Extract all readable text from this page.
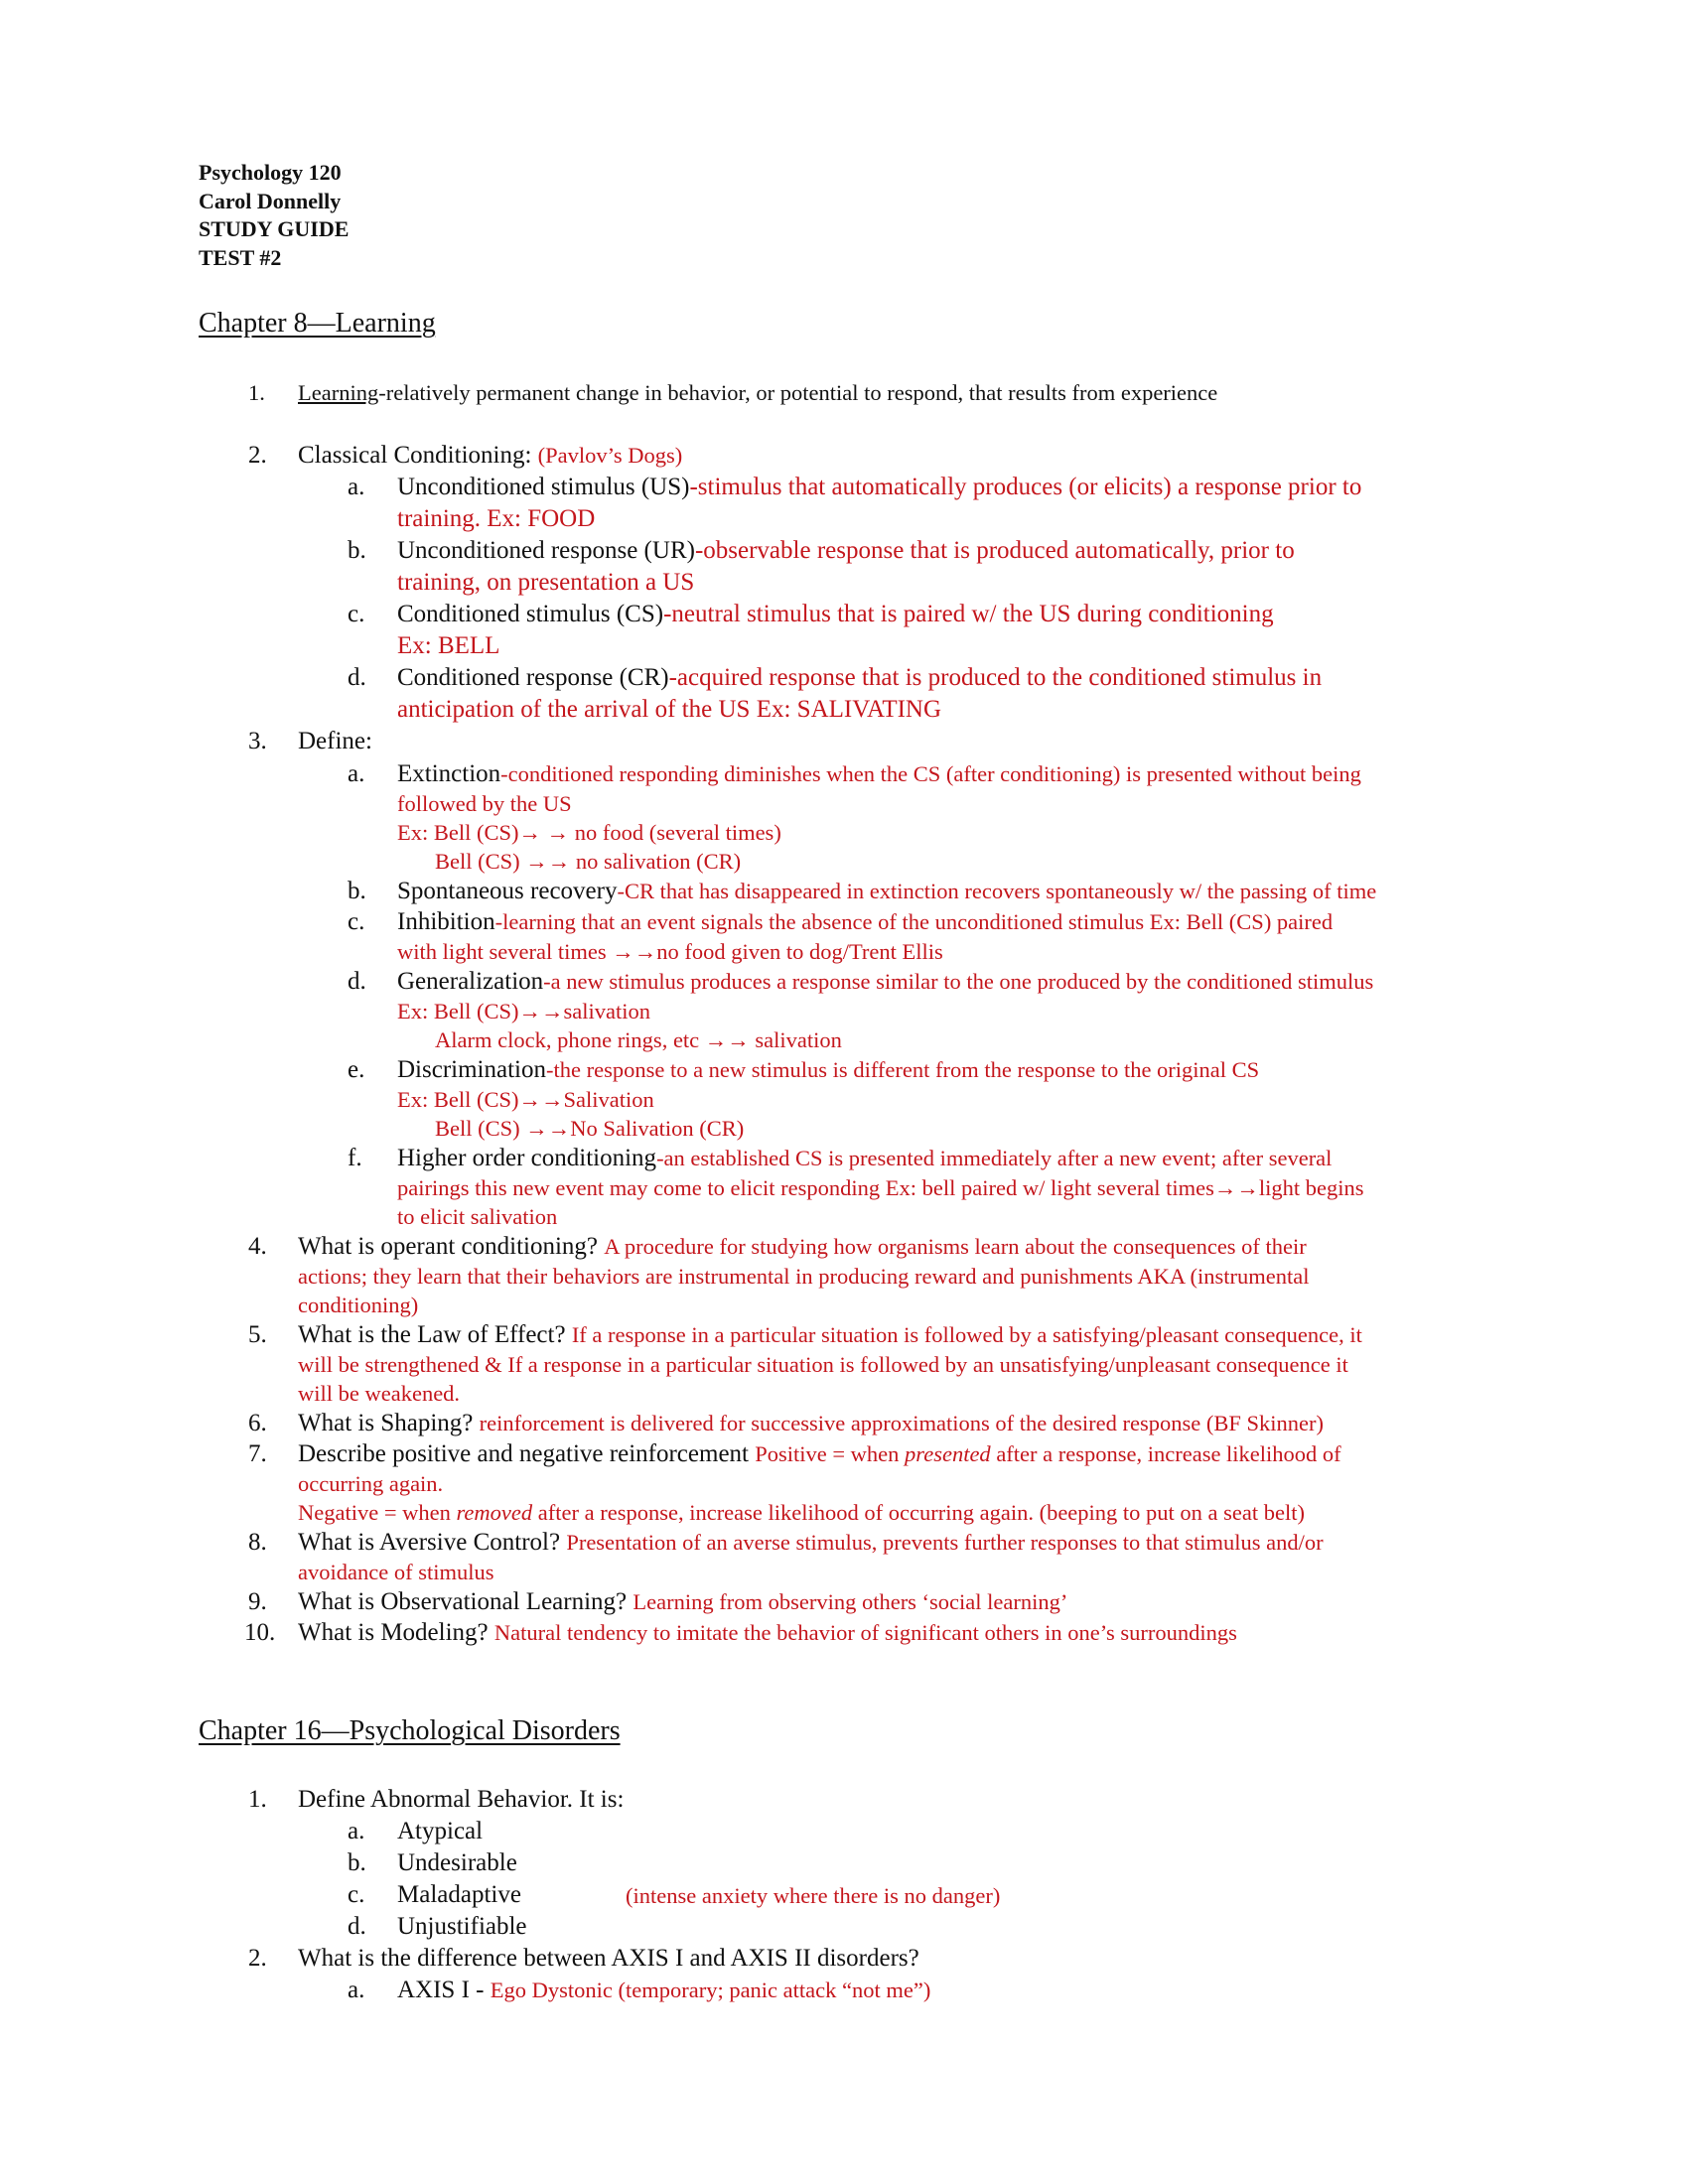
Psychology 120
Carol Donnelly
STUDY GUIDE
TEST #2
Chapter 8—Learning
1. Learning-relatively permanent change in behavior, or potential to respond, that results from experience
2. Classical Conditioning: (Pavlov’s Dogs)
a. Unconditioned stimulus (US)-stimulus that automatically produces (or elicits) a response prior to
training. Ex: FOOD
b. Unconditioned response (UR)-observable response that is produced automatically, prior to
training, on presentation a US
c. Conditioned stimulus (CS)-neutral stimulus that is paired w/ the US during conditioning
Ex: BELL
d. Conditioned response (CR)-acquired response that is produced to the conditioned stimulus in
anticipation of the arrival of the US Ex: SALIVATING
3. Define:
a. Extinction-conditioned responding diminishes when the CS (after conditioning) is presented without being
followed by the US
Ex: Bell (CS)→ → no food (several times)
Bell (CS) →→ no salivation (CR)
b. Spontaneous recovery-CR that has disappeared in extinction recovers spontaneously w/ the passing of time
c. Inhibition-learning that an event signals the absence of the unconditioned stimulus Ex: Bell (CS) paired
with light several times →→no food given to dog/Trent Ellis
d. Generalization-a new stimulus produces a response similar to the one produced by the conditioned stimulus
Ex: Bell (CS)→→salivation
Alarm clock, phone rings, etc →→ salivation
e. Discrimination-the response to a new stimulus is different from the response to the original CS
Ex: Bell (CS)→→Salivation
Bell (CS) →→No Salivation (CR)
f. Higher order conditioning-an established CS is presented immediately after a new event; after several
pairings this new event may come to elicit responding Ex: bell paired w/ light several times→→light begins
to elicit salivation
4. What is operant conditioning? A procedure for studying how organisms learn about the consequences of their
actions; they learn that their behaviors are instrumental in producing reward and punishments AKA (instrumental
conditioning)
5. What is the Law of Effect? If a response in a particular situation is followed by a satisfying/pleasant consequence, it
will be strengthened & If a response in a particular situation is followed by an unsatisfying/unpleasant consequence it
will be weakened.
6. What is Shaping? reinforcement is delivered for successive approximations of the desired response (BF Skinner)
7. Describe positive and negative reinforcement Positive = when presented after a response, increase likelihood of
occurring again.
Negative = when removed after a response, increase likelihood of occurring again. (beeping to put on a seat belt)
8. What is Aversive Control? Presentation of an averse stimulus, prevents further responses to that stimulus and/or
avoidance of stimulus
9. What is Observational Learning? Learning from observing others ‘social learning’
10. What is Modeling? Natural tendency to imitate the behavior of significant others in one’s surroundings
Chapter 16—Psychological Disorders
1. Define Abnormal Behavior. It is:
a. Atypical
b. Undesirable
c. Maladaptive	(intense anxiety where there is no danger)
d. Unjustifiable
2. What is the difference between AXIS I and AXIS II disorders?
a. AXIS I - Ego Dystonic (temporary; panic attack “not me”)
